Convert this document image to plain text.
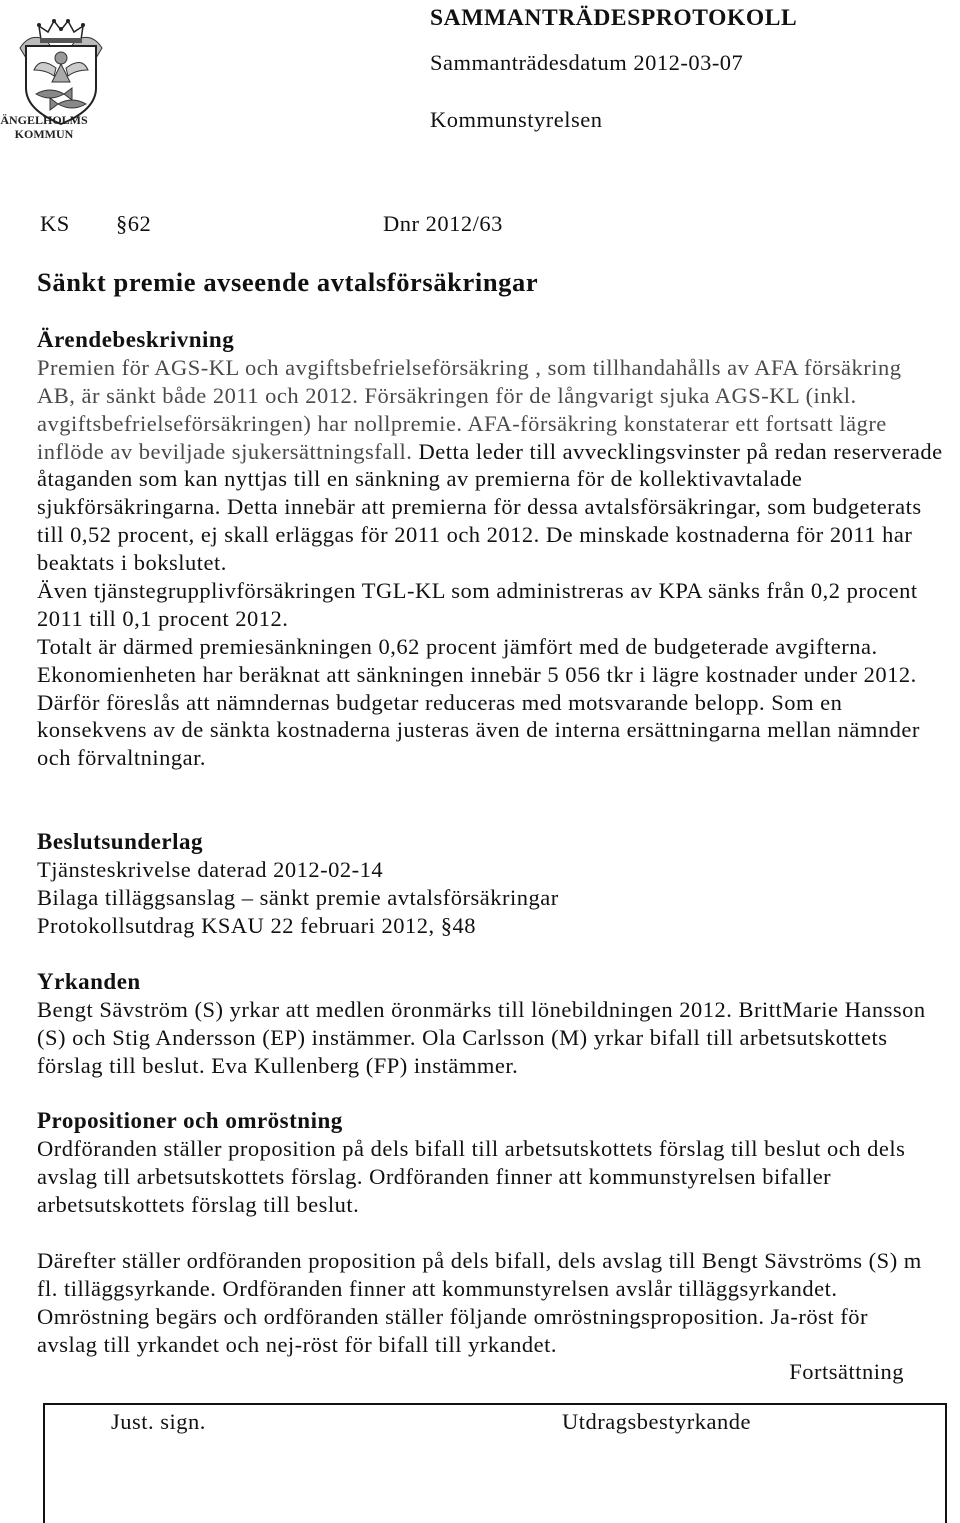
ÄNGELHOLMS
KOMMUN
SAMMANTRÄDESPROTOKOLL
Sammanträdesdatum 2012-03-07
Kommunstyrelsen
KS §62	Dnr 2012/63
Sänkt premie avseende avtalsförsäkringar
Ärendebeskrivning
Premien för AGS-KL och avgiftsbefrielseförsäkring , som tillhandahålls av AFA försäkring
AB, är sänkt både 2011 och 2012. Försäkringen för de långvarigt sjuka AGS-KL (inkl.
avgiftsbefrielseförsäkringen) har nollpremie. AFA-försäkring konstaterar ett fortsatt lägre
inflöde av beviljade sjukersättningsfall. Detta leder till avvecklingsvinster på redan reserverade
åtaganden som kan nyttjas till en sänkning av premierna för de kollektivavtalade
sjukförsäkringarna. Detta innebär att premierna för dessa avtalsförsäkringar, som budgeterats
till 0,52 procent, ej skall erläggas för 2011 och 2012. De minskade kostnaderna för 2011 har
beaktats i bokslutet.
Även tjänstegrupplivförsäkringen TGL-KL som administreras av KPA sänks från 0,2 procent
2011 till 0,1 procent 2012.
Totalt är därmed premiesänkningen 0,62 procent jämfört med de budgeterade avgifterna.
Ekonomienheten har beräknat att sänkningen innebär 5 056 tkr i lägre kostnader under 2012.
Därför föreslås att nämndernas budgetar reduceras med motsvarande belopp. Som en
konsekvens av de sänkta kostnaderna justeras även de interna ersättningarna mellan nämnder
och förvaltningar.
Beslutsunderlag
Tjänsteskrivelse daterad 2012-02-14
Bilaga tilläggsanslag – sänkt premie avtalsförsäkringar
Protokollsutdrag KSAU 22 februari 2012, §48
Yrkanden
Bengt Sävström (S) yrkar att medlen öronmärks till lönebildningen 2012. BrittMarie Hansson
(S) och Stig Andersson (EP) instämmer. Ola Carlsson (M) yrkar bifall till arbetsutskottets
förslag till beslut. Eva Kullenberg (FP) instämmer.
Propositioner och omröstning
Ordföranden ställer proposition på dels bifall till arbetsutskottets förslag till beslut och dels
avslag till arbetsutskottets förslag. Ordföranden finner att kommunstyrelsen bifaller
arbetsutskottets förslag till beslut.
Därefter ställer ordföranden proposition på dels bifall, dels avslag till Bengt Sävströms (S) m
fl. tilläggsyrkande. Ordföranden finner att kommunstyrelsen avslår tilläggsyrkandet.
Omröstning begärs och ordföranden ställer följande omröstningsproposition. Ja-röst för
avslag till yrkandet och nej-röst för bifall till yrkandet.
Fortsättning
Just. sign.	Utdragsbestyrkande
